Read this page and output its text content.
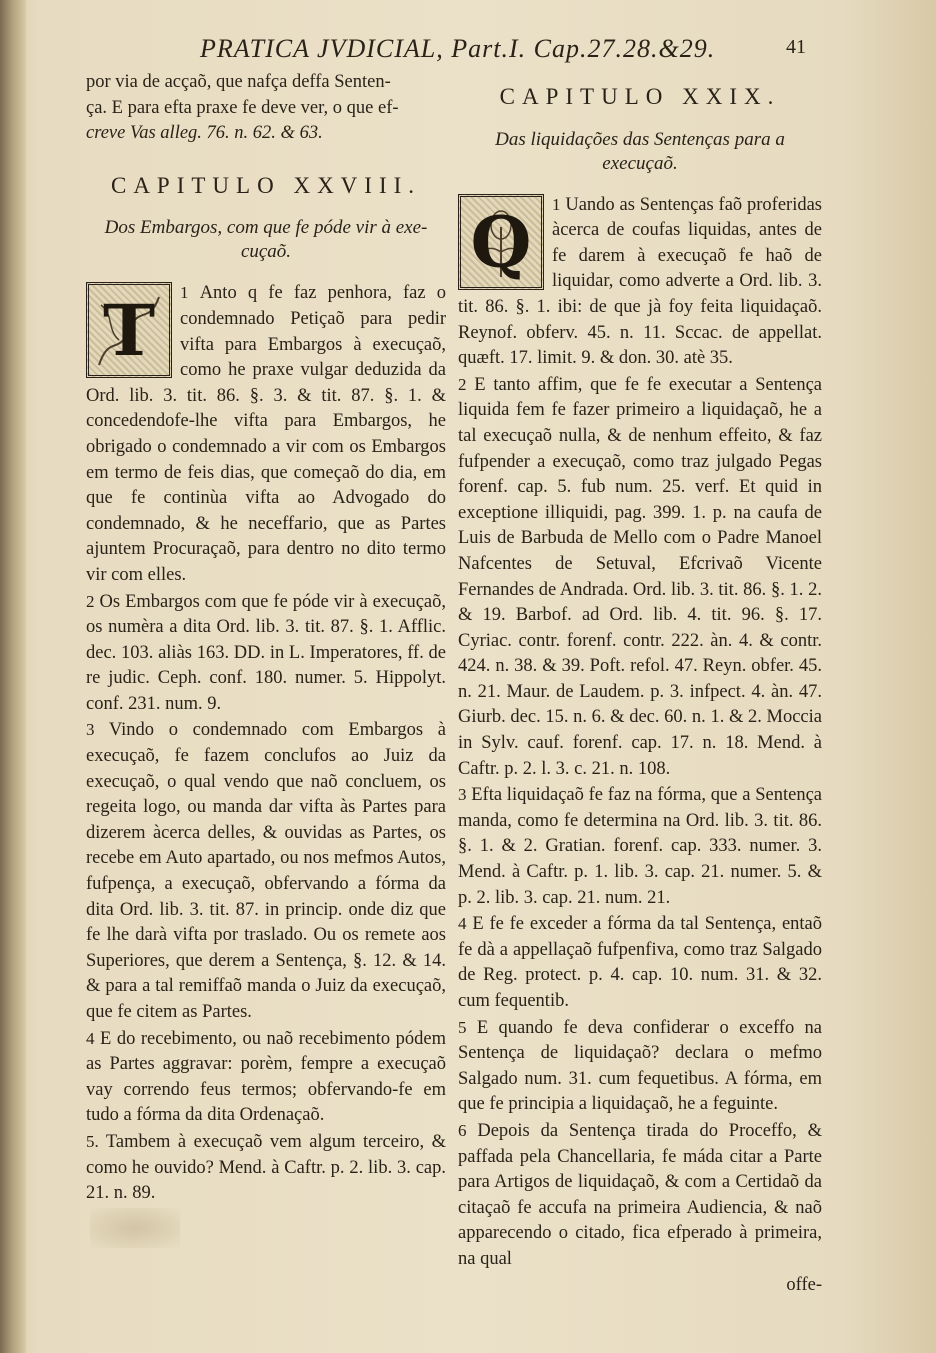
PRATICA JVDICIAL, Part.I. Cap.27.28.&29.	41

por via de acçaõ, que nafça deffa Senten-

ça. E para efta praxe fe deve ver, o que ef-

creve Vas alleg. 76. n. 62. & 63.

CAPITULO XXVIII.
Dos Embargos, com que fe póde vir à exe- cuçaõ.

1
T	Anto q fe faz penhora, faz o condemnado Petiçaõ para pedir vifta para Embargos à execuçaõ, como he praxe vulgar deduzida da Ord. lib. 3. tit. 86. §. 3. & tit. 87. §. 1. & concedendofe-lhe vifta para Embargos, he obrigado o condemnado a vir com os Embargos em termo de feis dias, que começaõ do dia, em que fe continùa vifta ao Advogado do condemnado, & he neceffario, que as Partes ajuntem Procuraçaõ, para dentro no dito termo vir com elles.

2 Os Embargos com que fe póde vir à execuçaõ, os numèra a dita Ord. lib. 3. tit. 87. §. 1. Afflic. dec. 103. aliàs 163. DD. in L. Imperatores, ff. de re judic. Ceph. conf. 180. numer. 5. Hippolyt. conf. 231. num. 9.

3 Vindo o condemnado com Embargos à execuçaõ, fe fazem conclufos ao Juiz da execuçaõ, o qual vendo que naõ concluem, os regeita logo, ou manda dar vifta às Partes para dizerem àcerca delles, & ouvidas as Partes, os recebe em Auto apartado, ou nos mefmos Autos, fufpença, a execuçaõ, obfervando a fórma da dita Ord. lib. 3. tit. 87. in princip. onde diz que fe lhe darà vifta por traslado. Ou os remete aos Superiores, que derem a Sentença, §. 12. & 14. & para a tal remiffaõ manda o Juiz da execuçaõ, que fe citem as Partes.

4 E do recebimento, ou naõ recebimento pódem as Partes aggravar: porèm, fempre a execuçaõ vay correndo feus termos; obfervando-fe em tudo a fórma da dita Ordenaçaõ.

5. Tambem à execuçaõ vem algum terceiro, & como he ouvido? Mend. à Caftr. p. 2. lib. 3. cap. 21. n. 89.

CAPITULO XXIX.
Das liquidações das Sentenças para a execuçaõ.

1
Q	Uando as Sentenças faõ proferidas àcerca de coufas liquidas, antes de fe darem à execuçaõ fe haõ de liquidar, como adverte a Ord. lib. 3. tit. 86. §. 1. ibi: de que jà foy feita liquidaçaõ. Reynof. obferv. 45. n. 11. Sccac. de appellat. quæft. 17. limit. 9. & don. 30. atè 35.

2 E tanto affim, que fe fe executar a Sentença liquida fem fe fazer primeiro a liquidaçaõ, he a tal execuçaõ nulla, & de nenhum effeito, & faz fufpender a execuçaõ, como traz julgado Pegas forenf. cap. 5. fub num. 25. verf. Et quid in exceptione illiquidi, pag. 399. 1. p. na caufa de Luis de Barbuda de Mello com o Padre Manoel Nafcentes de Setuval, Efcrivaõ Vicente Fernandes de Andrada. Ord. lib. 3. tit. 86. §. 1. 2. & 19. Barbof. ad Ord. lib. 4. tit. 96. §. 17. Cyriac. contr. forenf. contr. 222. àn. 4. & contr. 424. n. 38. & 39. Poft. refol. 47. Reyn. obfer. 45. n. 21. Maur. de Laudem. p. 3. infpect. 4. àn. 47. Giurb. dec. 15. n. 6. & dec. 60. n. 1. & 2. Moccia in Sylv. cauf. forenf. cap. 17. n. 18. Mend. à Caftr. p. 2. l. 3. c. 21. n. 108.

3 Efta liquidaçaõ fe faz na fórma, que a Sentença manda, como fe determina na Ord. lib. 3. tit. 86. §. 1. & 2. Gratian. forenf. cap. 333. numer. 3. Mend. à Caftr. p. 1. lib. 3. cap. 21. numer. 5. & p. 2. lib. 3. cap. 21. num. 21.

4 E fe fe exceder a fórma da tal Sentença, entaõ fe dà a appellaçaõ fufpenfiva, como traz Salgado de Reg. protect. p. 4. cap. 10. num. 31. & 32. cum fequentib.

5 E quando fe deva confiderar o exceffo na Sentença de liquidaçaõ? declara o mefmo Salgado num. 31. cum fequetibus. A fórma, em que fe principia a liquidaçaõ, he a feguinte.

6 Depois da Sentença tirada do Proceffo, & paffada pela Chancellaria, fe máda citar a Parte para Artigos de liquidaçaõ, & com a Certidaõ da citaçaõ fe accufa na primeira Audiencia, & naõ apparecendo o citado, fica efperado à primeira, na qual

offe-
